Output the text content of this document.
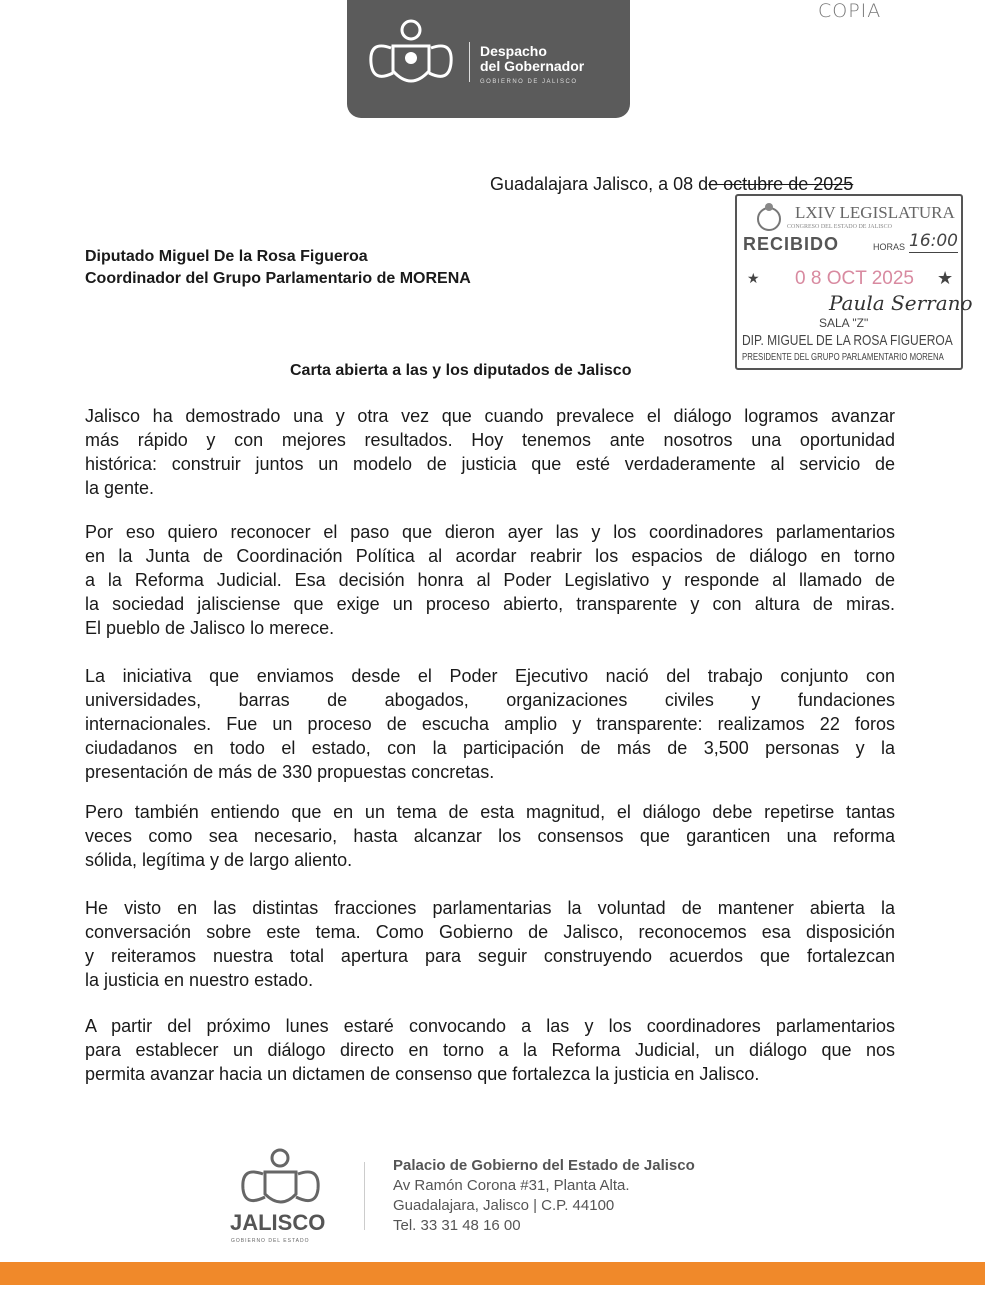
Despacho
del Gobernador
GOBIERNO DE JALISCO
COPIA
Guadalajara Jalisco, a 08 de octubre de 2025
Diputado Miguel De la Rosa Figueroa
Coordinador del Grupo Parlamentario de MORENA
LXIV LEGISLATURA
CONGRESO DEL ESTADO DE JALISCO
RECIBIDO	HORAS 16:00
★ 0 8 OCT 2025 ★
Paula Serrano
SALA "Z"
DIP. MIGUEL DE LA ROSA FIGUEROA
PRESIDENTE DEL GRUPO PARLAMENTARIO MORENA
Carta abierta a las y los diputados de Jalisco
Jalisco ha demostrado una y otra vez que cuando prevalece el diálogo logramos avanzar
más rápido y con mejores resultados. Hoy tenemos ante nosotros una oportunidad
histórica: construir juntos un modelo de justicia que esté verdaderamente al servicio de
la gente.
Por eso quiero reconocer el paso que dieron ayer las y los coordinadores parlamentarios
en la Junta de Coordinación Política al acordar reabrir los espacios de diálogo en torno
a la Reforma Judicial. Esa decisión honra al Poder Legislativo y responde al llamado de
la sociedad jalisciense que exige un proceso abierto, transparente y con altura de miras.
El pueblo de Jalisco lo merece.
La iniciativa que enviamos desde el Poder Ejecutivo nació del trabajo conjunto con
universidades, barras de abogados, organizaciones civiles y fundaciones
internacionales. Fue un proceso de escucha amplio y transparente: realizamos 22 foros
ciudadanos en todo el estado, con la participación de más de 3,500 personas y la
presentación de más de 330 propuestas concretas.
Pero también entiendo que en un tema de esta magnitud, el diálogo debe repetirse tantas
veces como sea necesario, hasta alcanzar los consensos que garanticen una reforma
sólida, legítima y de largo aliento.
He visto en las distintas fracciones parlamentarias la voluntad de mantener abierta la
conversación sobre este tema. Como Gobierno de Jalisco, reconocemos esa disposición
y reiteramos nuestra total apertura para seguir construyendo acuerdos que fortalezcan
la justicia en nuestro estado.
A partir del próximo lunes estaré convocando a las y los coordinadores parlamentarios
para establecer un diálogo directo en torno a la Reforma Judicial, un diálogo que nos
permita avanzar hacia un dictamen de consenso que fortalezca la justicia en Jalisco.
JALISCO
GOBIERNO DEL ESTADO
Palacio de Gobierno del Estado de Jalisco
Av Ramón Corona #31, Planta Alta.
Guadalajara, Jalisco | C.P. 44100
Tel. 33 31 48 16 00
